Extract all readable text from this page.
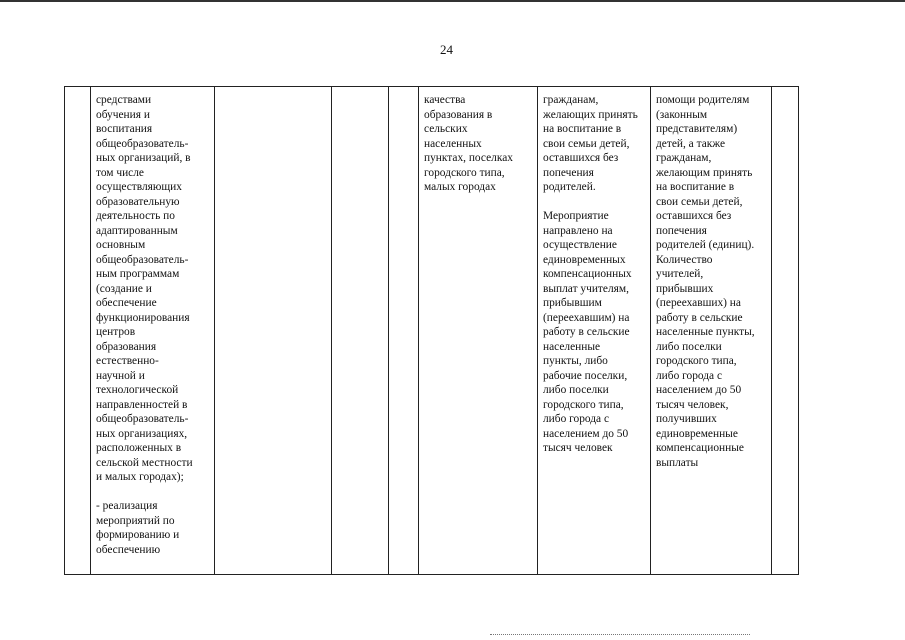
24
	средствами
обучения и
воспитания
общеобразователь-
ных организаций, в
том числе
осуществляющих
образовательную
деятельность по
адаптированным
основным
общеобразователь-
ным программам
(создание и
обеспечение
функционирования
центров
образования
естественно-
научной и
технологической
направленностей в
общеобразователь-
ных организациях,
расположенных в
сельской местности
и малых городах);

- реализация
мероприятий по
формированию и
обеспечению				качества
образования в
сельских
населенных
пунктах, поселках
городского типа,
малых городах	гражданам,
желающих принять
на воспитание в
свои семьи детей,
оставшихся без
попечения
родителей.

Мероприятие
направлено на
осуществление
единовременных
компенсационных
выплат учителям,
прибывшим
(переехавшим) на
работу в сельские
населенные
пункты, либо
рабочие поселки,
либо поселки
городского типа,
либо города с
населением до 50
тысяч человек	помощи родителям
(законным
представителям)
детей, а также
гражданам,
желающим принять
на воспитание в
свои семьи детей,
оставшихся без
попечения
родителей (единиц).
Количество
учителей,
прибывших
(переехавших) на
работу в сельские
населенные пункты,
либо поселки
городского типа,
либо города с
населением до 50
тысяч человек,
получивших
единовременные
компенсационные
выплаты	
